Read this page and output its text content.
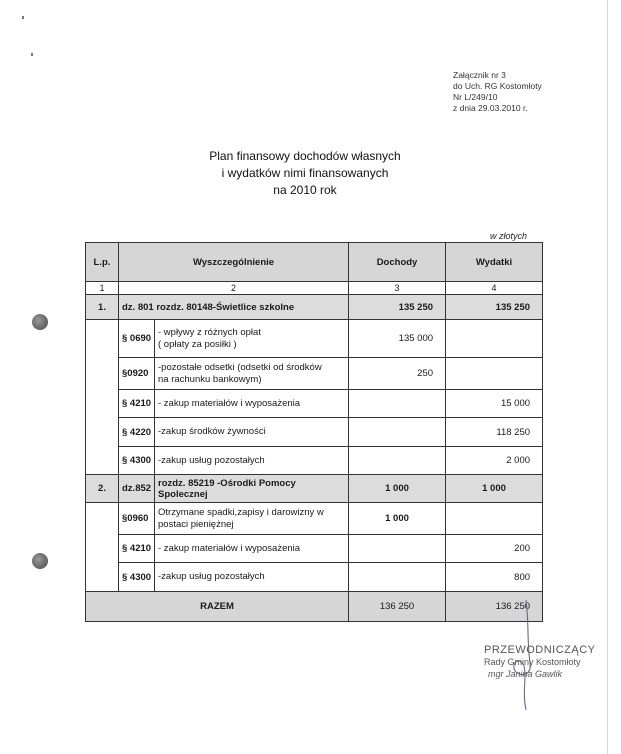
Załącznik nr 3
do Uch. RG Kostomłoty
Nr L/249/10
z dnia 29.03.2010 r.
Plan finansowy dochodów własnych
i wydatków nimi finansowanych
na 2010 rok
w złotych
L.p.	Wyszczególnienie		Dochody	Wydatki
1	2		3	4
1.	dz. 801 rozdz. 80148-Świetlice szkolne		135 250	135 250
	§ 0690	- wpływy z różnych opłat
( opłaty za posiłki )	135 000	
	§0920	-pozostałe odsetki (odsetki od środków
na rachunku bankowym)	250	
	§ 4210	- zakup materiałów i wyposażenia		15 000
	§ 4220	-zakup środków żywności		118 250
	§ 4300	-zakup usług pozostałych		2 000
2.	dz.852	rozdz. 85219 -Ośrodki Pomocy
Spolecznej	1 000	1 000
	§0960	Otrzymane spadki,zapisy i darowizny w
postaci pieniężnej	1 000	
	§ 4210	- zakup materiałów i wyposażenia		200
	§ 4300	-zakup usług pozostałych		800
RAZEM			136 250	136 250
PRZEWODNICZĄCY
Rady Gminy Kostomłoty
mgr Janina Gawlik
